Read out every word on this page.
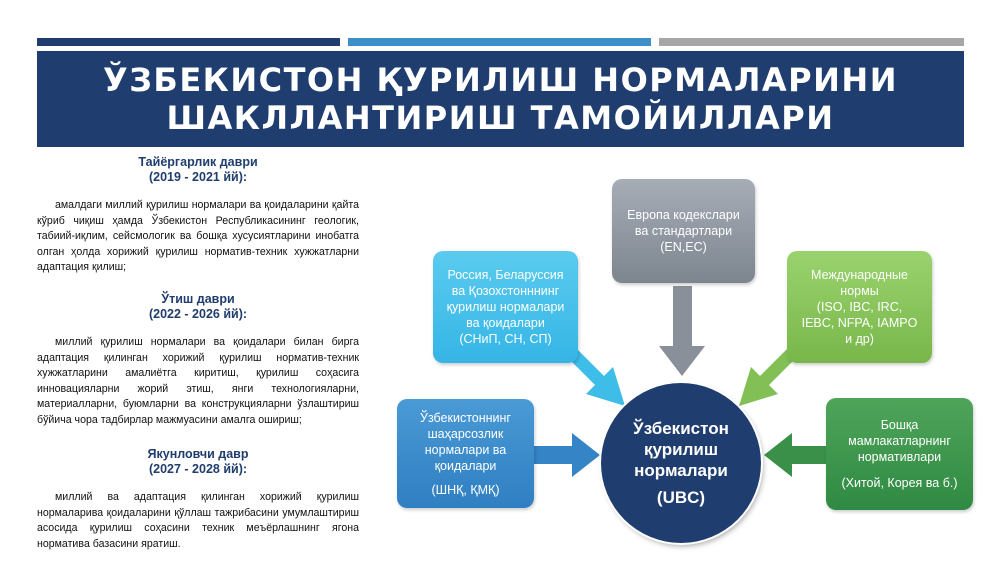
ЎЗБЕКИСТОН ҚУРИЛИШ НОРМАЛАРИНИ
ШАКЛЛАНТИРИШ ТАМОЙИЛЛАРИ
Тайёргарлик даври
(2019 - 2021 йй):
амалдаги миллий қурилиш нормалари ва қоидаларини қайта кўриб чиқиш ҳамда Ўзбекистон Республикасининг геологик, табиий-иқлим, сейсмологик ва бошқа хусусиятларини инобатга олган ҳолда хорижий қурилиш норматив-техник хужжатларни адаптация қилиш;
Ўтиш даври
(2022 - 2026 йй):
миллий қурилиш нормалари ва қоидалари билан бирга адаптация қилинган хорижий қурилиш норматив-техник хужжатларини амалиётга киритиш, қурилиш соҳасига инновацияларни жорий этиш, янги технологияларни, материалларни, буюмларни ва конструкцияларни ўзлаштириш бўйича чора тадбирлар мажмуасини амалга ошириш;
Якунловчи давр
(2027 - 2028 йй):
миллий ва адаптация қилинган хорижий қурилиш нормаларива қоидаларини қўллаш тажрибасини умумлаштириш асосида қурилиш соҳасини техник меъёрлашнинг ягона нормативa базасини яратиш.
Европа кодекслари
ва стандартлари
(EN,EC)
Россия, Беларуссия
ва Қозохстонннинг
қурилиш нормалари
ва қоидалари
(СНиП, СН, СП)
Международные
нормы
(ISO, IBC, IRC,
IEBC, NFPA, IAMPO
и др)
Ўзбекистоннинг
шаҳарсозлик
нормалари ва
қоидалари
(ШНҚ, ҚМҚ)
Бошқа
мамлакатларнинг
нормативлари
(Хитой, Корея ва б.)
Ўзбекистон
қурилиш
нормалари
(UBC)
